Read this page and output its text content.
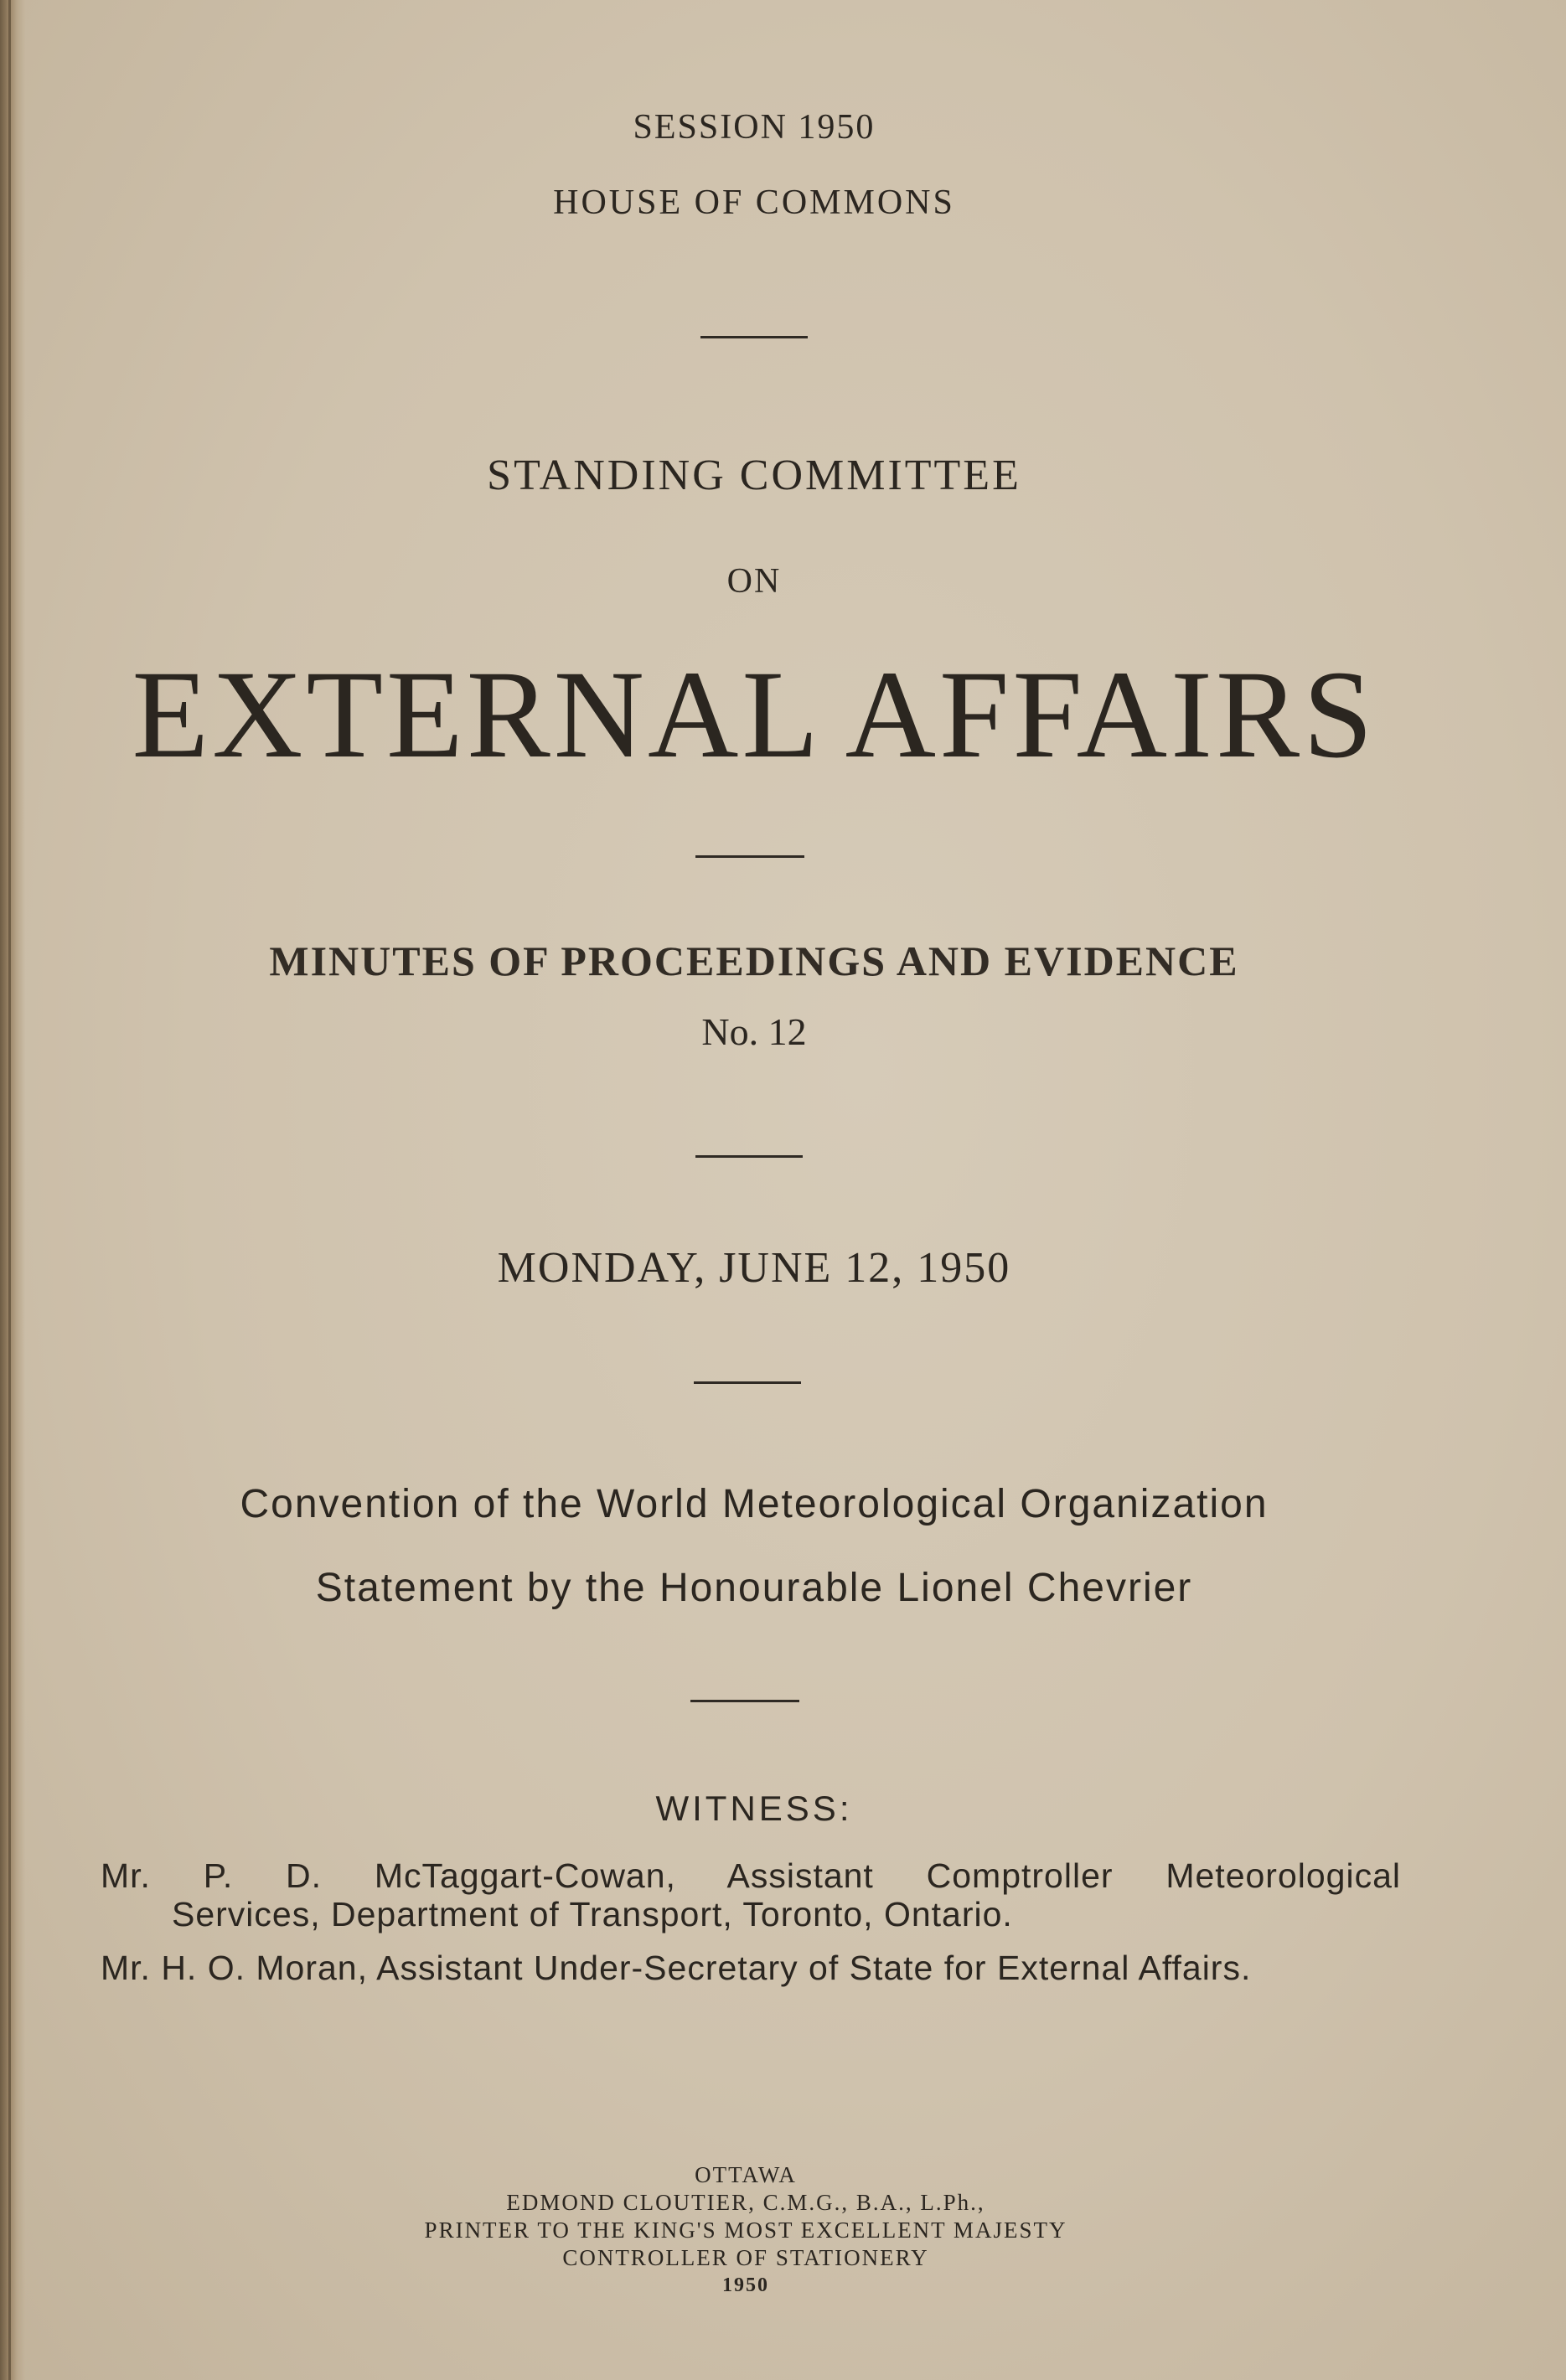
SESSION 1950
HOUSE OF COMMONS
STANDING COMMITTEE
ON
EXTERNAL AFFAIRS
MINUTES OF PROCEEDINGS AND EVIDENCE
No. 12
MONDAY, JUNE 12, 1950
Convention of the World Meteorological Organization
Statement by the Honourable Lionel Chevrier
WITNESS:
Mr. P. D. McTaggart-Cowan, Assistant Comptroller Meteorological
Services, Department of Transport, Toronto, Ontario.
Mr. H. O. Moran, Assistant Under-Secretary of State for External Affairs.
OTTAWA
EDMOND CLOUTIER, C.M.G., B.A., L.Ph.,
PRINTER TO THE KING'S MOST EXCELLENT MAJESTY
CONTROLLER OF STATIONERY
1950
